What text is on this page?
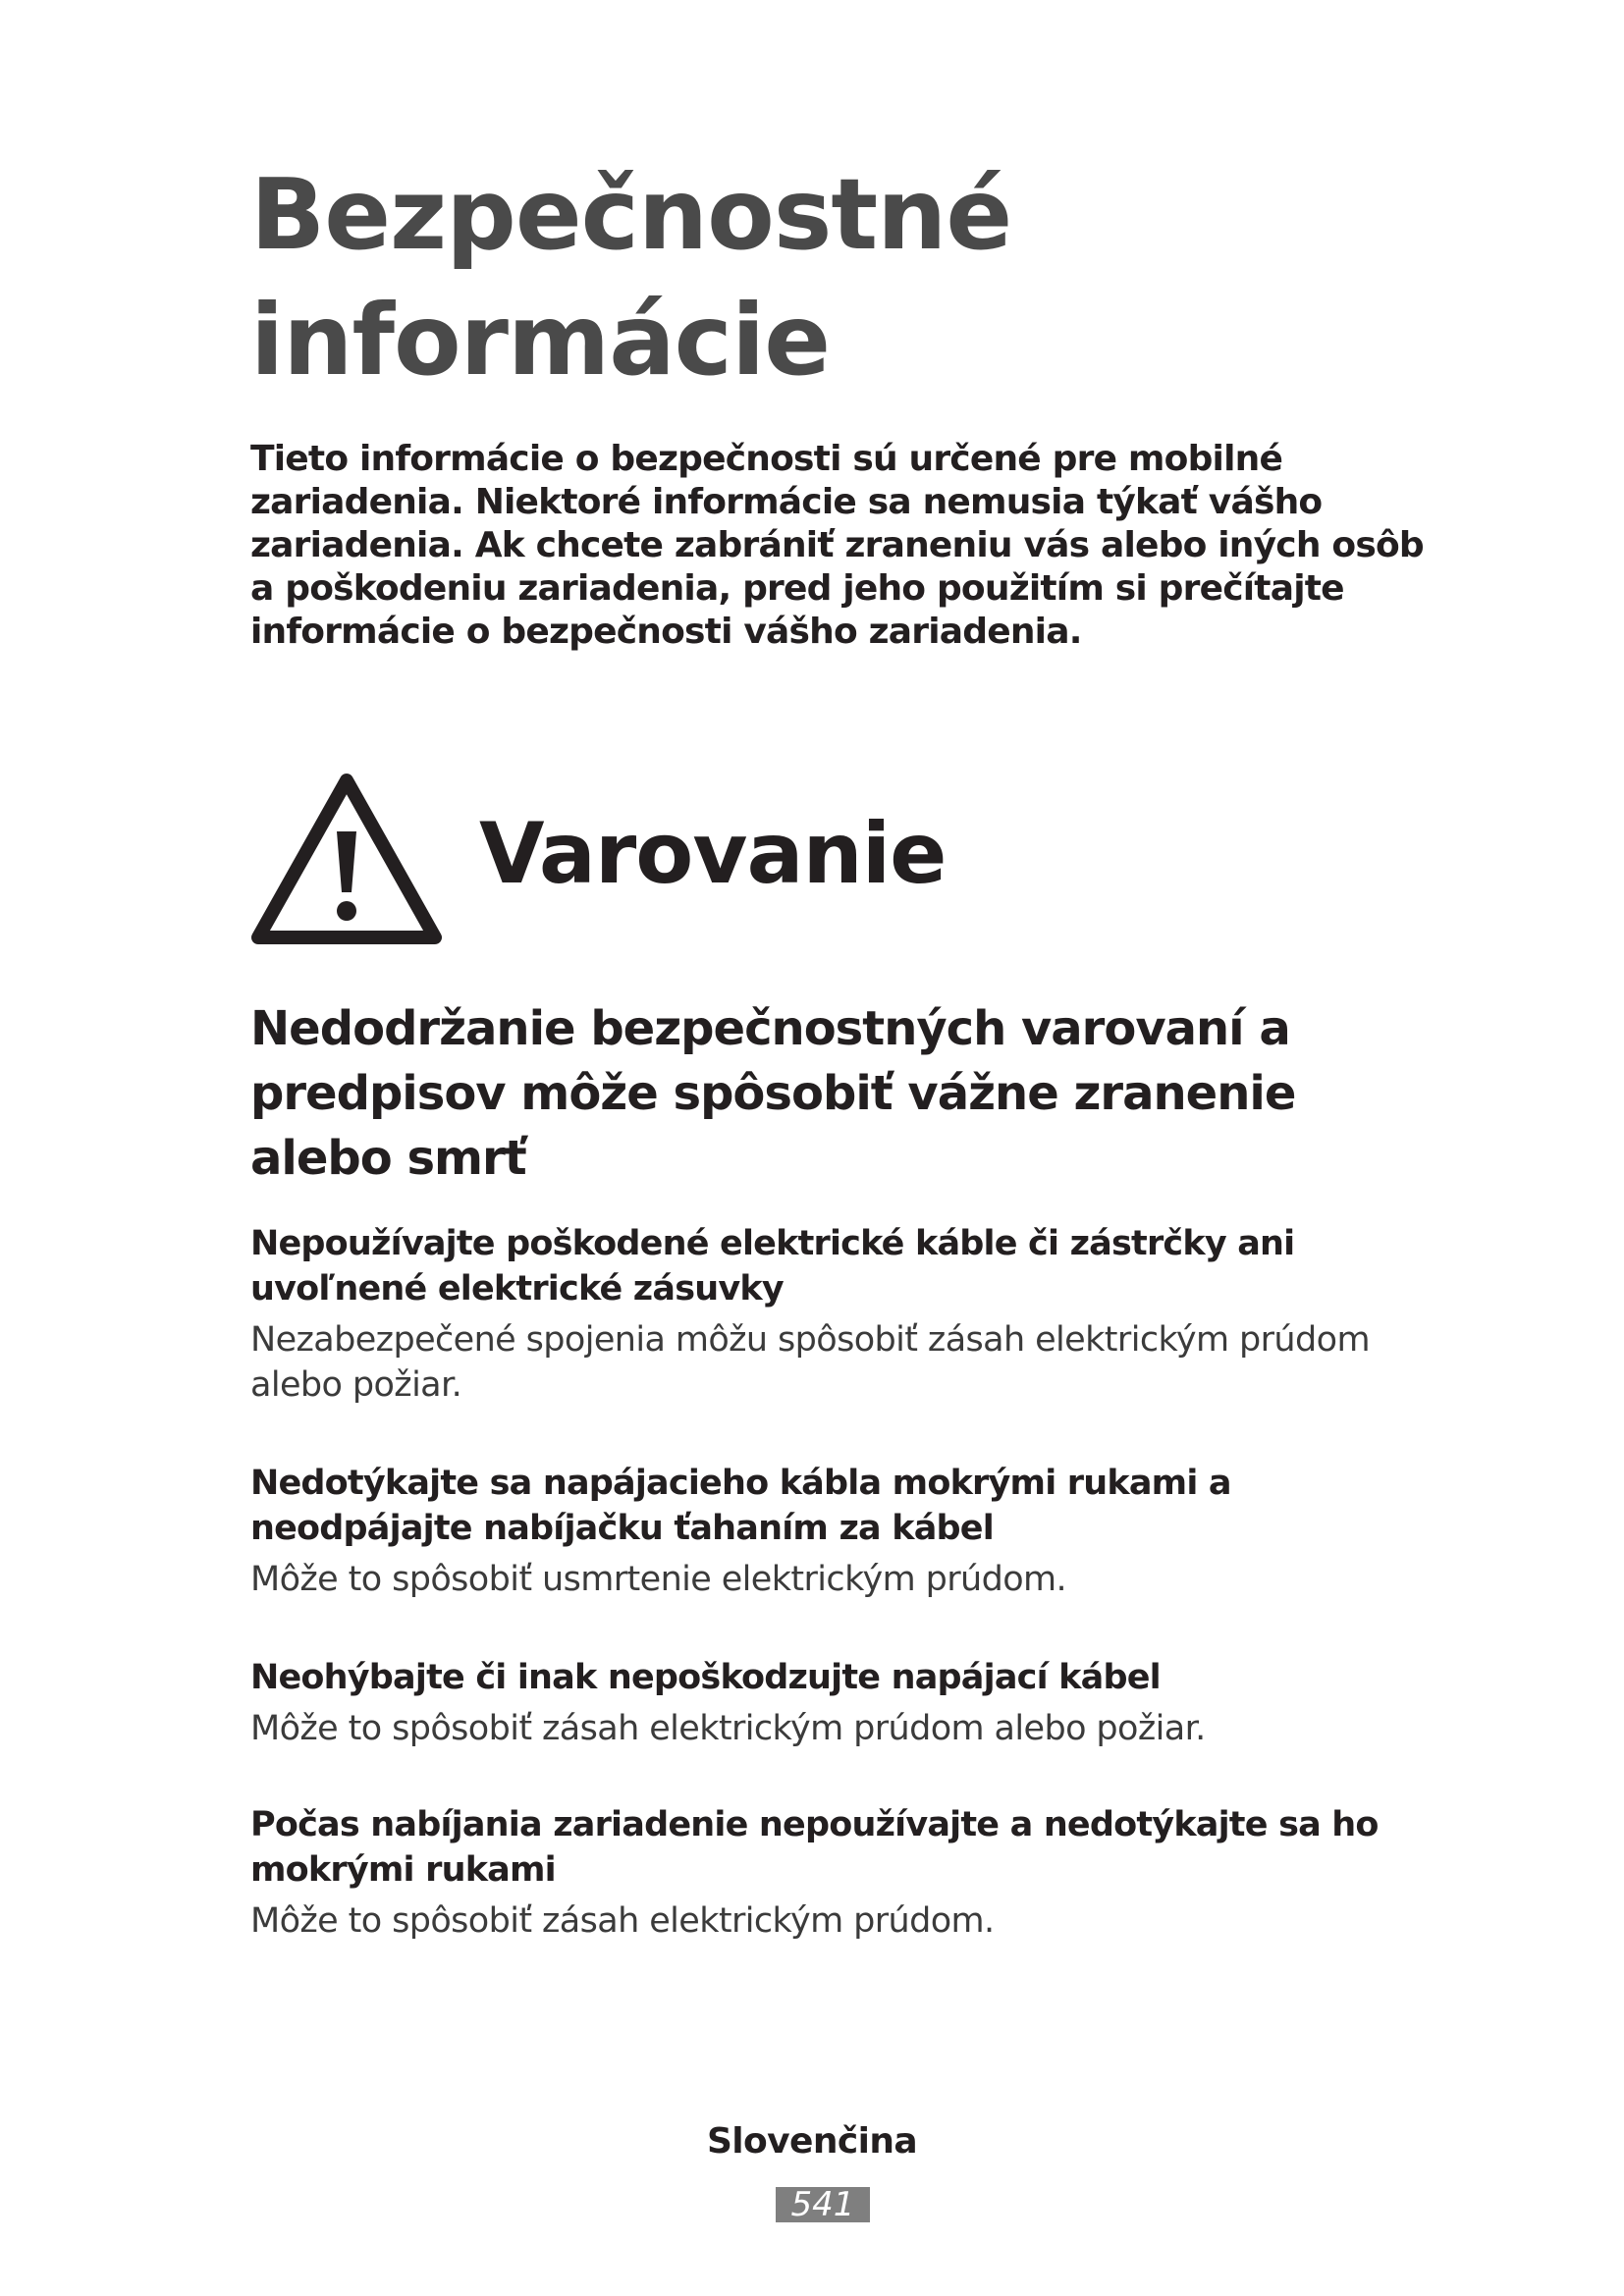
Bezpečnostné
informácie

Tieto informácie o bezpečnosti sú určené pre mobilné zariadenia. Niektoré informácie sa nemusia týkať vášho zariadenia. Ak chcete zabrániť zraneniu vás alebo iných osôb a poškodeniu zariadenia, pred jeho použitím si prečítajte informácie o bezpečnosti vášho zariadenia.

Varovanie
Nedodržanie bezpečnostných varovaní a predpisov môže spôsobiť vážne zranenie alebo smrť

Nepoužívajte poškodené elektrické káble či zástrčky ani uvoľnené elektrické zásuvky

Nezabezpečené spojenia môžu spôsobiť zásah elektrickým prúdom alebo požiar.

Nedotýkajte sa napájacieho kábla mokrými rukami a neodpájajte nabíjačku ťahaním za kábel

Môže to spôsobiť usmrtenie elektrickým prúdom.

Neohýbajte či inak nepoškodzujte napájací kábel

Môže to spôsobiť zásah elektrickým prúdom alebo požiar.

Počas nabíjania zariadenie nepoužívajte a nedotýkajte sa ho mokrými rukami

Môže to spôsobiť zásah elektrickým prúdom.

Slovenčina
541
